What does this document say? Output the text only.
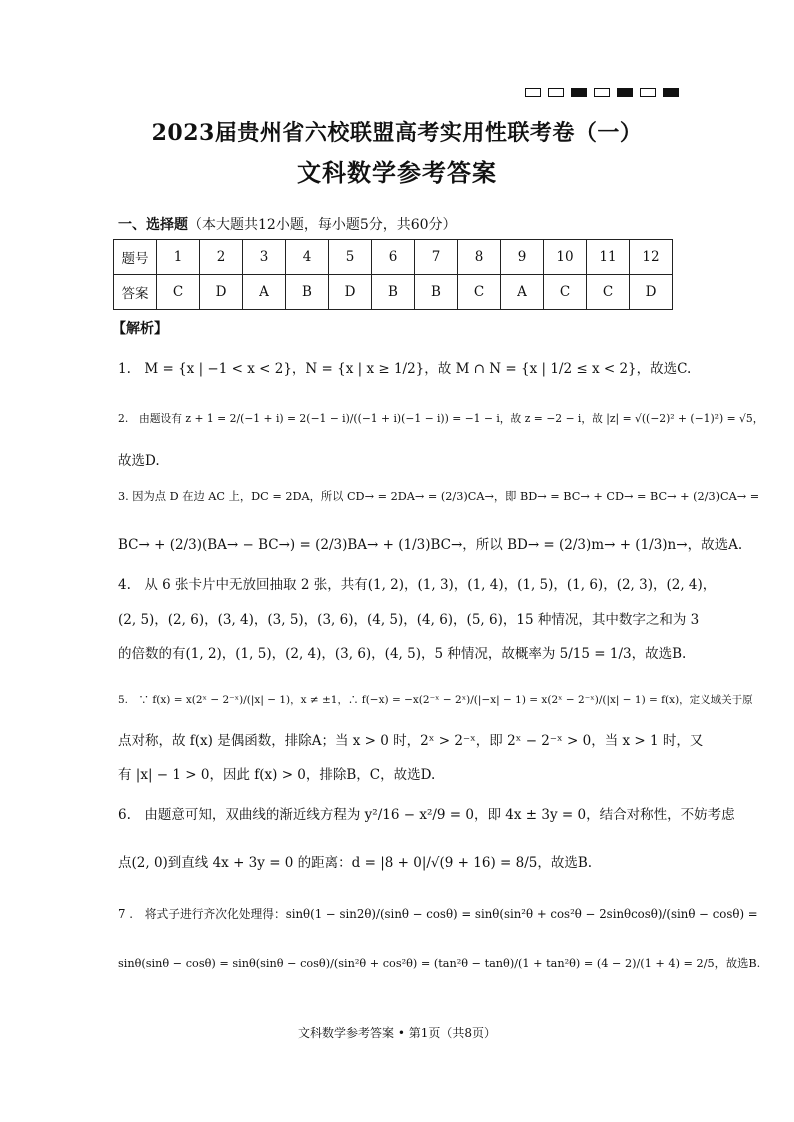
2023届贵州省六校联盟高考实用性联考卷（一）
文科数学参考答案
一、选择题（本大题共12小题，每小题5分，共60分）
题号	1	2	3	4	5	6	7	8	9	10	11	12
答案	C	D	A	B	D	B	B	C	A	C	C	D
【解析】
1.　M = {x | −1 < x < 2}，N = {x | x ≥ 1/2}，故 M ∩ N = {x | 1/2 ≤ x < 2}，故选C.
2.　由题设有 z + 1 = 2/(−1 + i) = 2(−1 − i)/((−1 + i)(−1 − i)) = −1 − i，故 z = −2 − i，故 |z| = √((−2)² + (−1)²) = √5，
故选D.
3. 因为点 D 在边 AC 上，DC = 2DA，所以 CD→ = 2DA→ = (2/3)CA→，即 BD→ = BC→ + CD→ = BC→ + (2/3)CA→ =
BC→ + (2/3)(BA→ − BC→) = (2/3)BA→ + (1/3)BC→，所以 BD→ = (2/3)m→ + (1/3)n→，故选A.
4.　从 6 张卡片中无放回抽取 2 张，共有(1, 2)，(1, 3)，(1, 4)，(1, 5)，(1, 6)，(2, 3)，(2, 4)，
(2, 5)，(2, 6)，(3, 4)，(3, 5)，(3, 6)，(4, 5)，(4, 6)，(5, 6)，15 种情况，其中数字之和为 3
的倍数的有(1, 2)，(1, 5)，(2, 4)，(3, 6)，(4, 5)，5 种情况，故概率为 5/15 = 1/3，故选B.
5.　∵ f(x) = x(2ˣ − 2⁻ˣ)/(|x| − 1)，x ≠ ±1，∴ f(−x) = −x(2⁻ˣ − 2ˣ)/(|−x| − 1) = x(2ˣ − 2⁻ˣ)/(|x| − 1) = f(x)，定义域关于原
点对称，故 f(x) 是偶函数，排除A；当 x > 0 时，2ˣ > 2⁻ˣ，即 2ˣ − 2⁻ˣ > 0，当 x > 1 时，又
有 |x| − 1 > 0，因此 f(x) > 0，排除B，C，故选D.
6.　由题意可知，双曲线的渐近线方程为 y²/16 − x²/9 = 0，即 4x ± 3y = 0，结合对称性，不妨考虑
点(2, 0)到直线 4x + 3y = 0 的距离：d = |8 + 0|/√(9 + 16) = 8/5，故选B.
7 .　将式子进行齐次化处理得：sinθ(1 − sin2θ)/(sinθ − cosθ) = sinθ(sin²θ + cos²θ − 2sinθcosθ)/(sinθ − cosθ) =
sinθ(sinθ − cosθ) = sinθ(sinθ − cosθ)/(sin²θ + cos²θ) = (tan²θ − tanθ)/(1 + tan²θ) = (4 − 2)/(1 + 4) = 2/5，故选B.
文科数学参考答案 • 第1页（共8页）
